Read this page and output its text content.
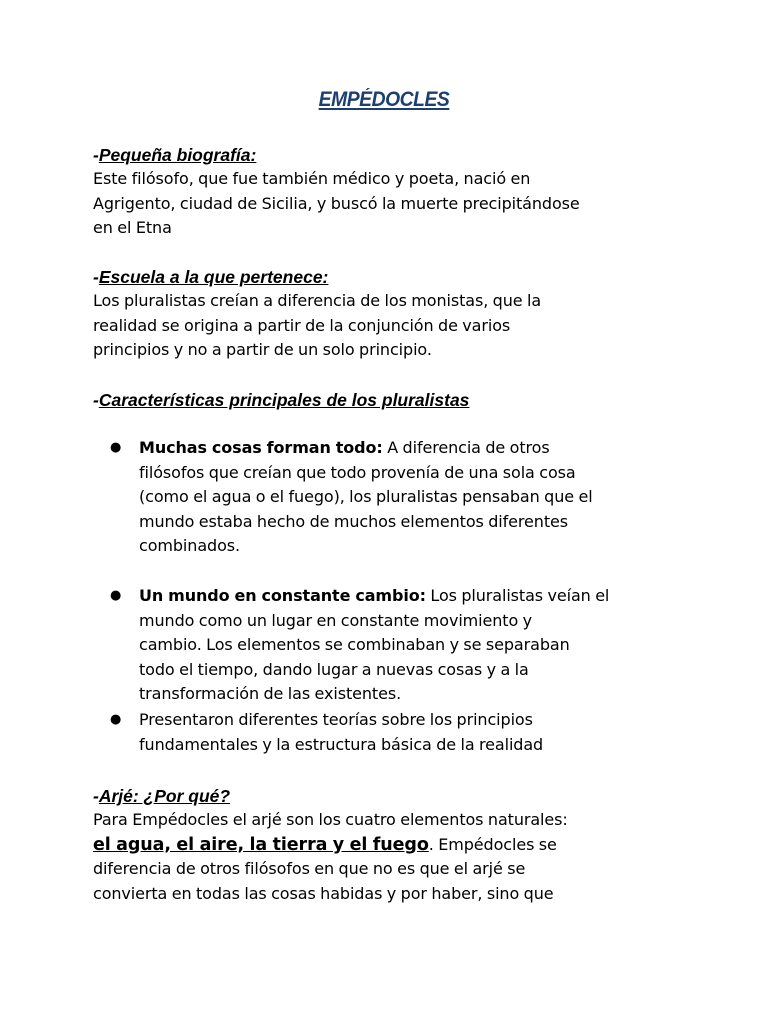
EMPÉDOCLES
-Pequeña biografía:
Este filósofo, que fue también médico y poeta, nació en
Agrigento, ciudad de Sicilia, y buscó la muerte precipitándose
en el Etna
-Escuela a la que pertenece:
Los pluralistas creían a diferencia de los monistas, que la
realidad se origina a partir de la conjunción de varios
principios y no a partir de un solo principio.
-Características principales de los pluralistas
● Muchas cosas forman todo: A diferencia de otros
filósofos que creían que todo provenía de una sola cosa
(como el agua o el fuego), los pluralistas pensaban que el
mundo estaba hecho de muchos elementos diferentes
combinados.
● Un mundo en constante cambio: Los pluralistas veían el
mundo como un lugar en constante movimiento y
cambio. Los elementos se combinaban y se separaban
todo el tiempo, dando lugar a nuevas cosas y a la
transformación de las existentes.
● Presentaron diferentes teorías sobre los principios
fundamentales y la estructura básica de la realidad
-Arjé: ¿Por qué?
Para Empédocles el arjé son los cuatro elementos naturales:
el agua, el aire, la tierra y el fuego. Empédocles se
diferencia de otros filósofos en que no es que el arjé se
convierta en todas las cosas habidas y por haber, sino que
